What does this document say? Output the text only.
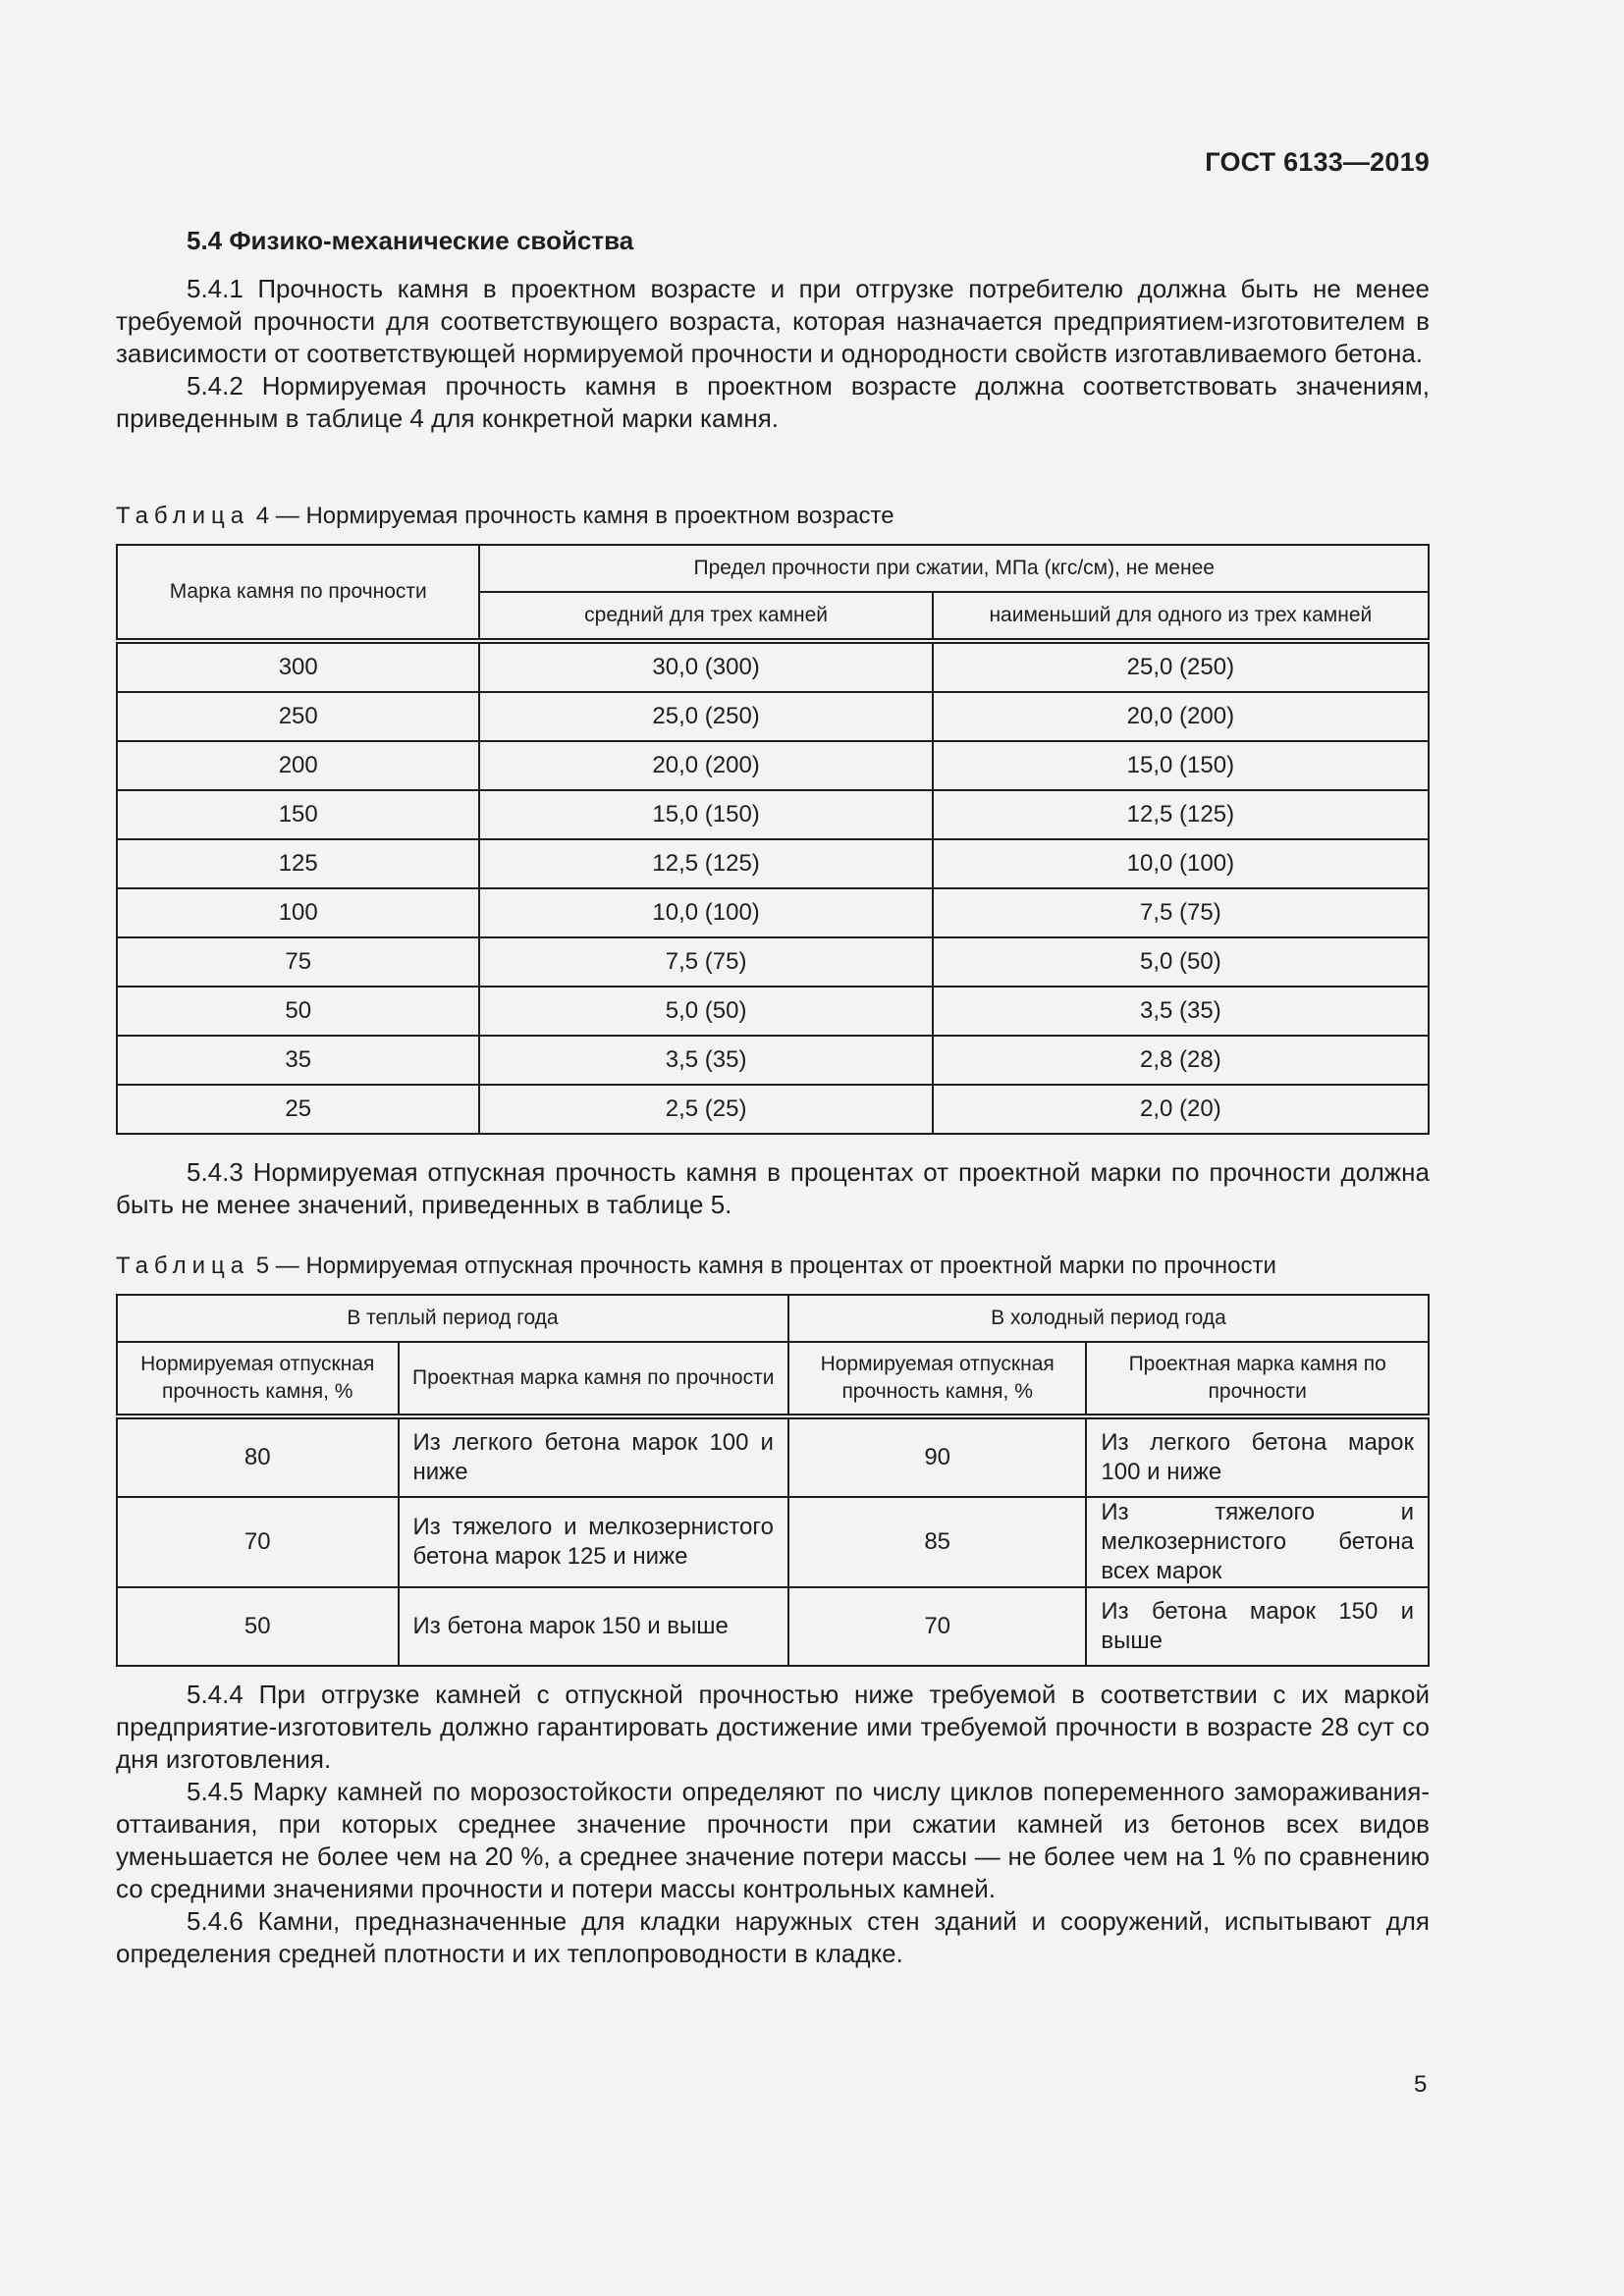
ГОСТ 6133—2019
5.4 Физико-механические свойства

5.4.1 Прочность камня в проектном возрасте и при отгрузке потребителю должна быть не менее требуемой прочности для соответствующего возраста, которая назначается предприятием-изготовителем в зависимости от соответствующей нормируемой прочности и однородности свойств изготавливаемого бетона.

5.4.2 Нормируемая прочность камня в проектном возрасте должна соответствовать значениям, приведенным в таблице 4 для конкретной марки камня.

Таблица 4 — Нормируемая прочность камня в проектном возрасте

Марка камня по прочности	Предел прочности при сжатии, МПа (кгс/см), не менее	
	средний для трех камней	наименьший для одного из трех камней
300	30,0 (300)	25,0 (250)
250	25,0 (250)	20,0 (200)
200	20,0 (200)	15,0 (150)
150	15,0 (150)	12,5 (125)
125	12,5 (125)	10,0 (100)
100	10,0 (100)	7,5 (75)
75	7,5 (75)	5,0 (50)
50	5,0 (50)	3,5 (35)
35	3,5 (35)	2,8 (28)
25	2,5 (25)	2,0 (20)

5.4.3 Нормируемая отпускная прочность камня в процентах от проектной марки по прочности должна быть не менее значений, приведенных в таблице 5.

Таблица 5 — Нормируемая отпускная прочность камня в процентах от проектной марки по прочности

В теплый период года		В холодный период года	
Нормируемая отпускная прочность камня, %	Проектная марка камня по прочности	Нормируемая отпускная прочность камня, %	Проектная марка камня по прочности
80	Из легкого бетона марок 100 и ниже	90	Из легкого бетона марок 100 и ниже
70	Из тяжелого и мелкозернистого бетона марок 125 и ниже	85	Из тяжелого и мелкозернистого бетона всех марок
50	Из бетона марок 150 и выше	70	Из бетона марок 150 и выше

5.4.4 При отгрузке камней с отпускной прочностью ниже требуемой в соответствии с их маркой предприятие-изготовитель должно гарантировать достижение ими требуемой прочности в возрасте 28 сут со дня изготовления.

5.4.5 Марку камней по морозостойкости определяют по числу циклов попеременного замораживания-оттаивания, при которых среднее значение прочности при сжатии камней из бетонов всех видов уменьшается не более чем на 20 %, а среднее значение потери массы — не более чем на 1 % по сравнению со средними значениями прочности и потери массы контрольных камней.

5.4.6 Камни, предназначенные для кладки наружных стен зданий и сооружений, испытывают для определения средней плотности и их теплопроводности в кладке.

5
